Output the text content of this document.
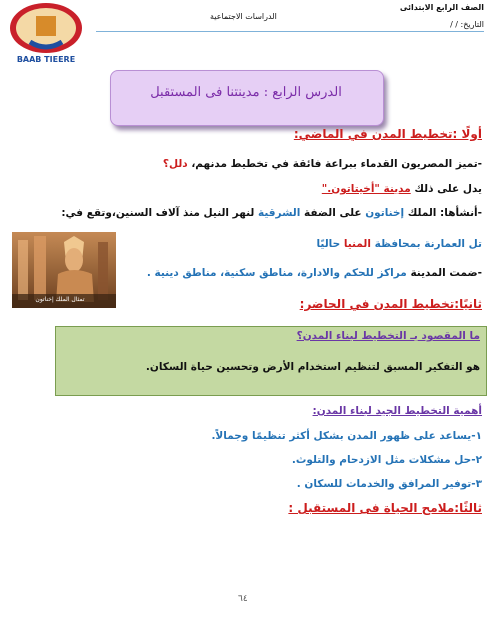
الصف الرابع الابتدائى
التاريخ: / /
الدراسات الاجتماعية
BAAB TIEERE
الدرس الرابع : مدينتنا فى المستقبل
أولًا :تخطيط المدن في الماضي:
-تميز المصريون القدماء ببراعة فائقة في تخطيط مدنهم، دلل؟
يدل على ذلك مدينة "أخيتاتون."
-أنشأها: الملك إخناتون على الضفة الشرقية لنهر النيل منذ آلاف السنين،وتقع في:
تل العمارنة بمحافظة المنيا حاليًا
-ضمت المدينة مراكز للحكم والادارة، مناطق سكنية، مناطق دينية .
تمثال الملك إخناتون	ثانيًا:تخطيط المدن في الحاضر:
ما المقصود بـ التخطيط لبناء المدن؟
هو التفكير المسبق لتنظيم استخدام الأرض وتحسين حياة السكان.
أهمية التخطيط الجيد لبناء المدن:
١-يساعد على ظهور المدن بشكل أكثر تنظيمًا وجمالاً.
٢-حل مشكلات مثل الازدحام والتلوث.
٣-توفير المرافق والخدمات للسكان .
ثالثًا:ملامح الحياة فى المستقبل :
٦٤
